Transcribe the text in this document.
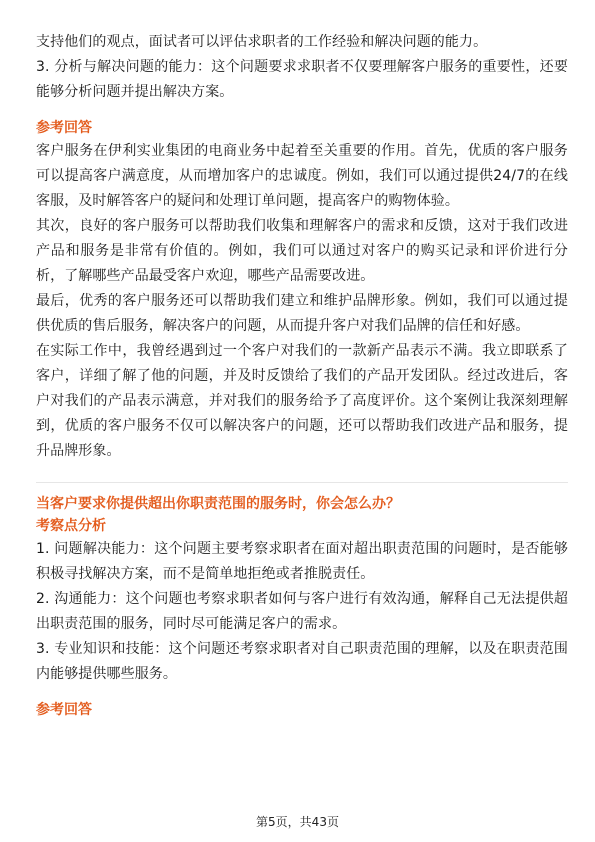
支持他们的观点，面试者可以评估求职者的工作经验和解决问题的能力。

3. 分析与解决问题的能力：这个问题要求求职者不仅要理解客户服务的重要性，还要能够分析问题并提出解决方案。

参考回答

客户服务在伊利实业集团的电商业务中起着至关重要的作用。首先，优质的客户服务可以提高客户满意度，从而增加客户的忠诚度。例如，我们可以通过提供24/7的在线客服，及时解答客户的疑问和处理订单问题，提高客户的购物体验。

其次，良好的客户服务可以帮助我们收集和理解客户的需求和反馈，这对于我们改进产品和服务是非常有价值的。例如，我们可以通过对客户的购买记录和评价进行分析，了解哪些产品最受客户欢迎，哪些产品需要改进。

最后，优秀的客户服务还可以帮助我们建立和维护品牌形象。例如，我们可以通过提供优质的售后服务，解决客户的问题，从而提升客户对我们品牌的信任和好感。

在实际工作中，我曾经遇到过一个客户对我们的一款新产品表示不满。我立即联系了客户，详细了解了他的问题，并及时反馈给了我们的产品开发团队。经过改进后，客户对我们的产品表示满意，并对我们的服务给予了高度评价。这个案例让我深刻理解到，优质的客户服务不仅可以解决客户的问题，还可以帮助我们改进产品和服务，提升品牌形象。

当客户要求你提供超出你职责范围的服务时，你会怎么办？

考察点分析

1. 问题解决能力：这个问题主要考察求职者在面对超出职责范围的问题时，是否能够积极寻找解决方案，而不是简单地拒绝或者推脱责任。

2. 沟通能力：这个问题也考察求职者如何与客户进行有效沟通，解释自己无法提供超出职责范围的服务，同时尽可能满足客户的需求。

3. 专业知识和技能：这个问题还考察求职者对自己职责范围的理解，以及在职责范围内能够提供哪些服务。

参考回答

第5页，共43页
